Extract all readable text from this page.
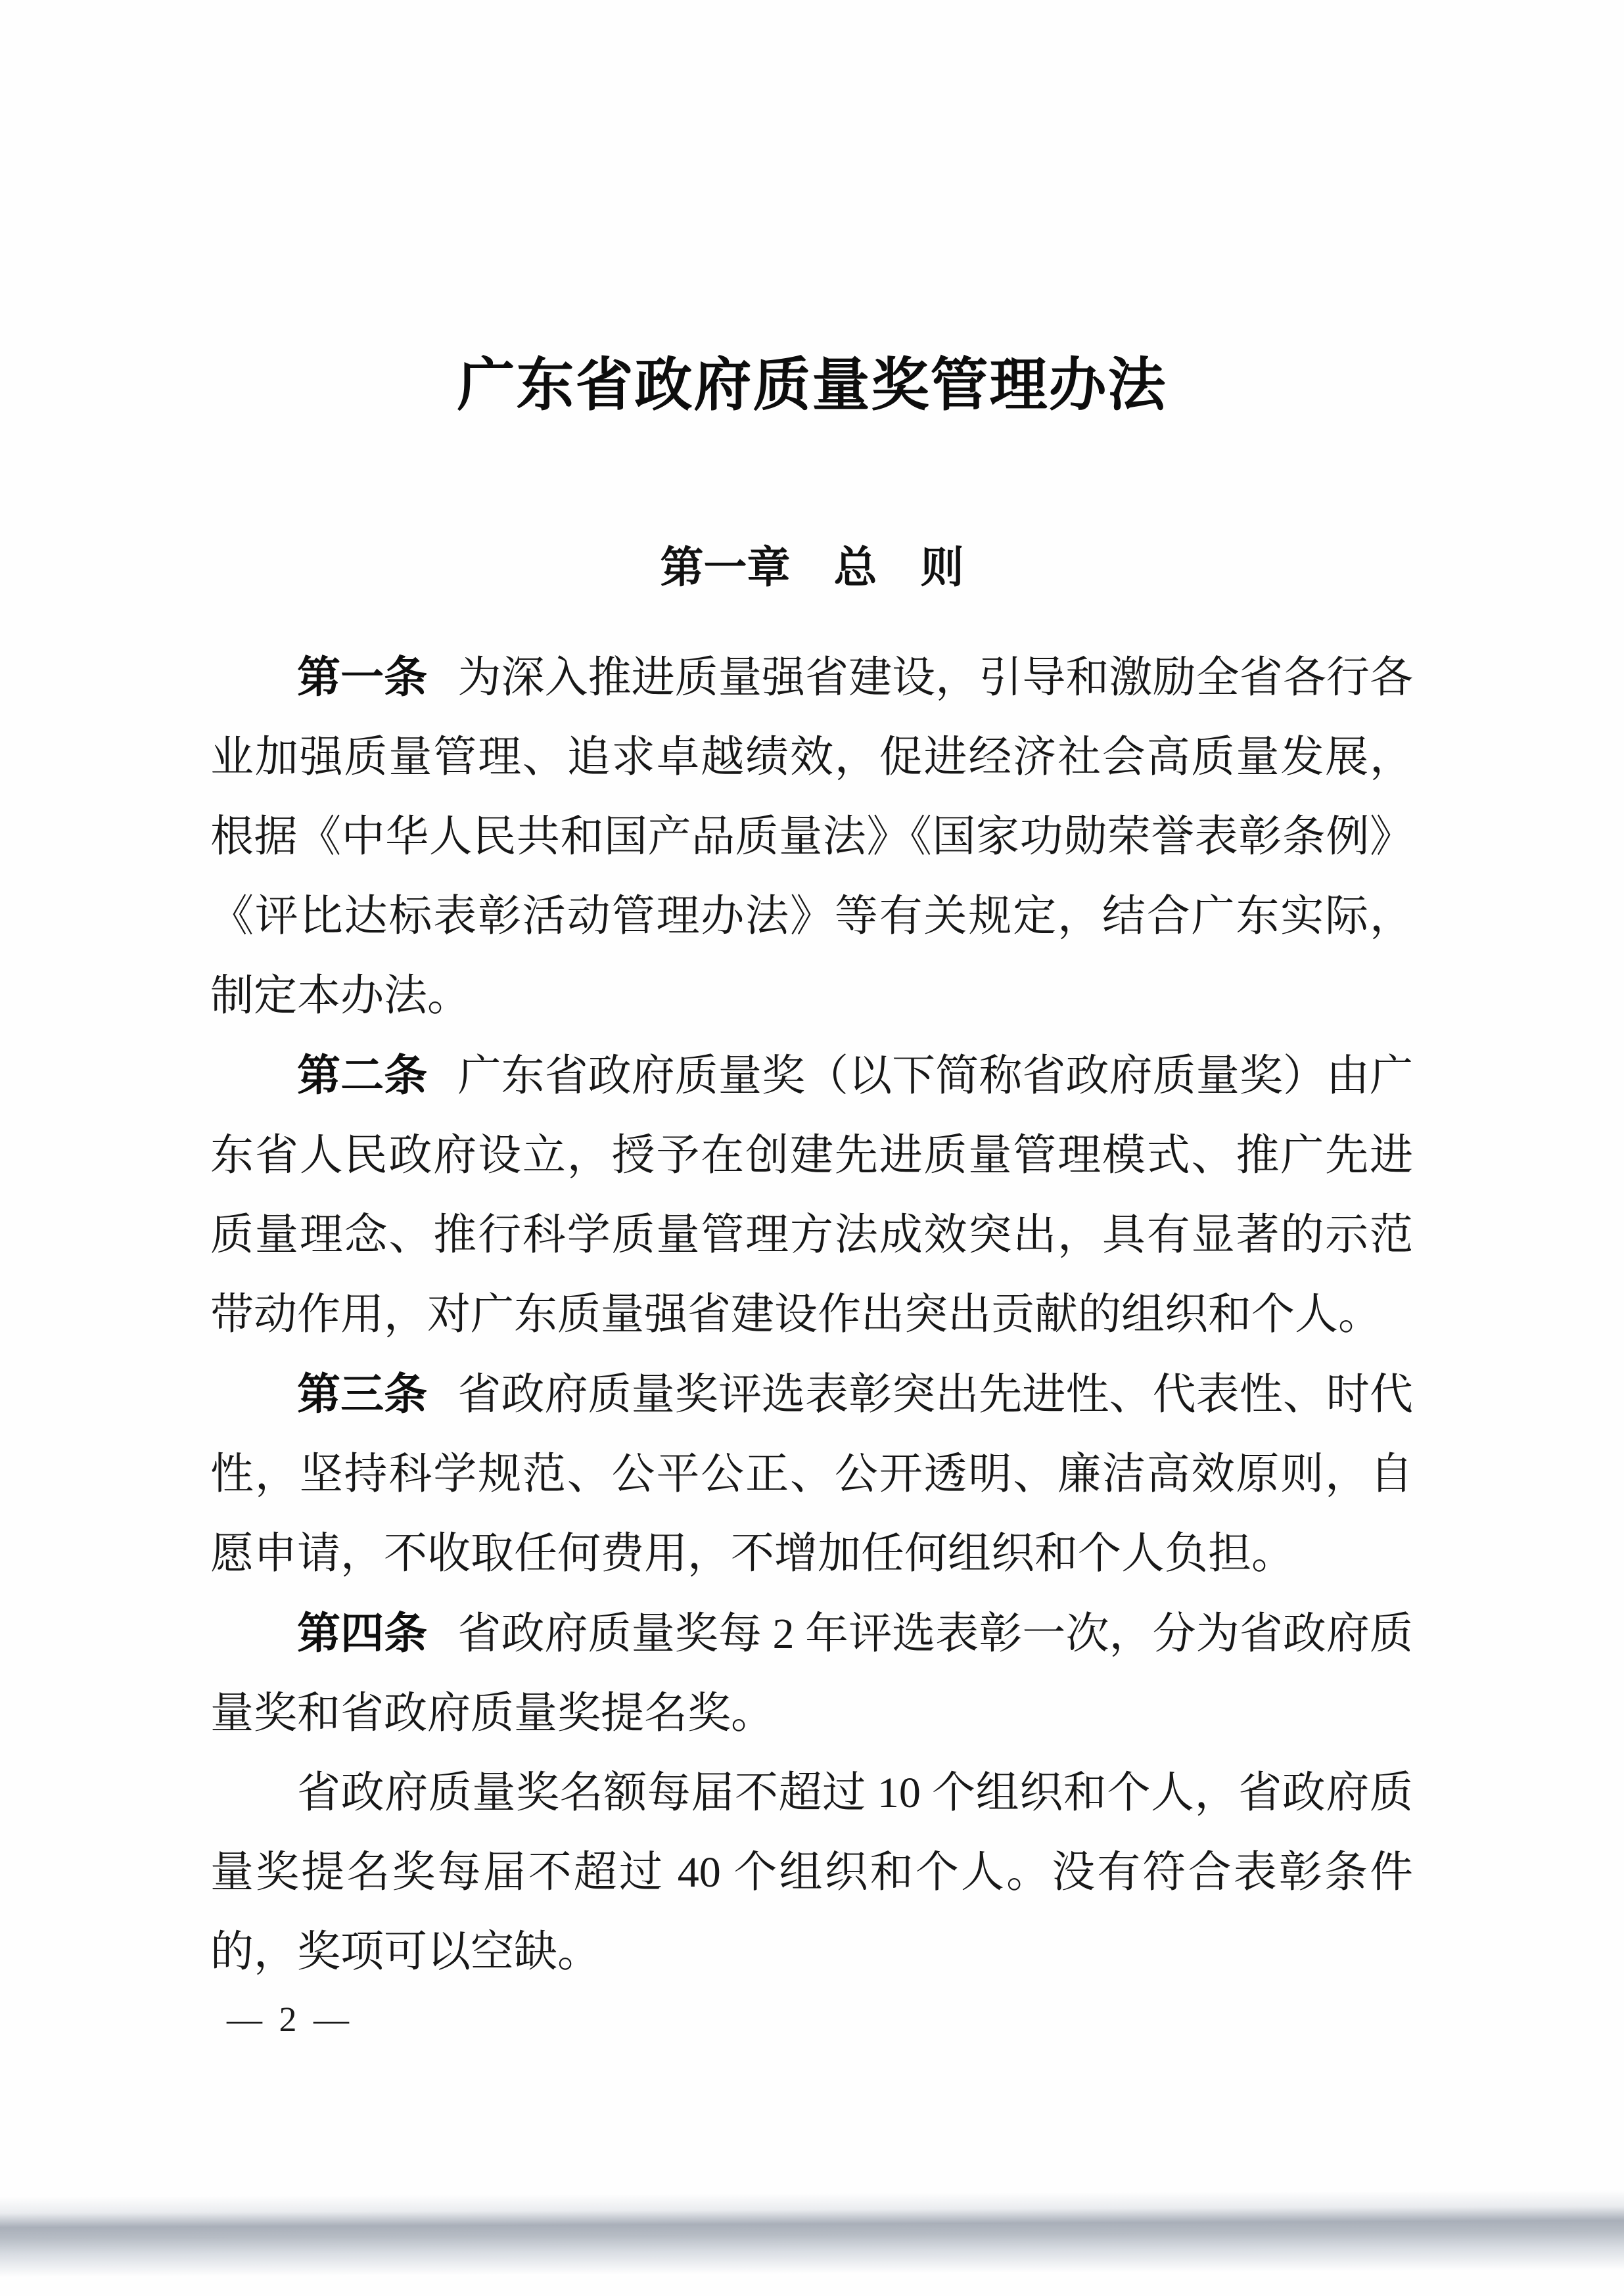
广东省政府质量奖管理办法
第一章　总　则

第一条 为深入推进质量强省建设，引导和激励全省各行各业加强质量管理、追求卓越绩效，促进经济社会高质量发展，根据《中华人民共和国产品质量法》《国家功勋荣誉表彰条例》《评比达标表彰活动管理办法》等有关规定，结合广东实际，制定本办法。

第二条 广东省政府质量奖（以下简称省政府质量奖）由广东省人民政府设立，授予在创建先进质量管理模式、推广先进质量理念、推行科学质量管理方法成效突出，具有显著的示范带动作用，对广东质量强省建设作出突出贡献的组织和个人。

第三条 省政府质量奖评选表彰突出先进性、代表性、时代性，坚持科学规范、公平公正、公开透明、廉洁高效原则，自愿申请，不收取任何费用，不增加任何组织和个人负担。

第四条 省政府质量奖每 2 年评选表彰一次，分为省政府质量奖和省政府质量奖提名奖。

省政府质量奖名额每届不超过 10 个组织和个人，省政府质量奖提名奖每届不超过 40 个组织和个人。没有符合表彰条件的，奖项可以空缺。

— 2 —
